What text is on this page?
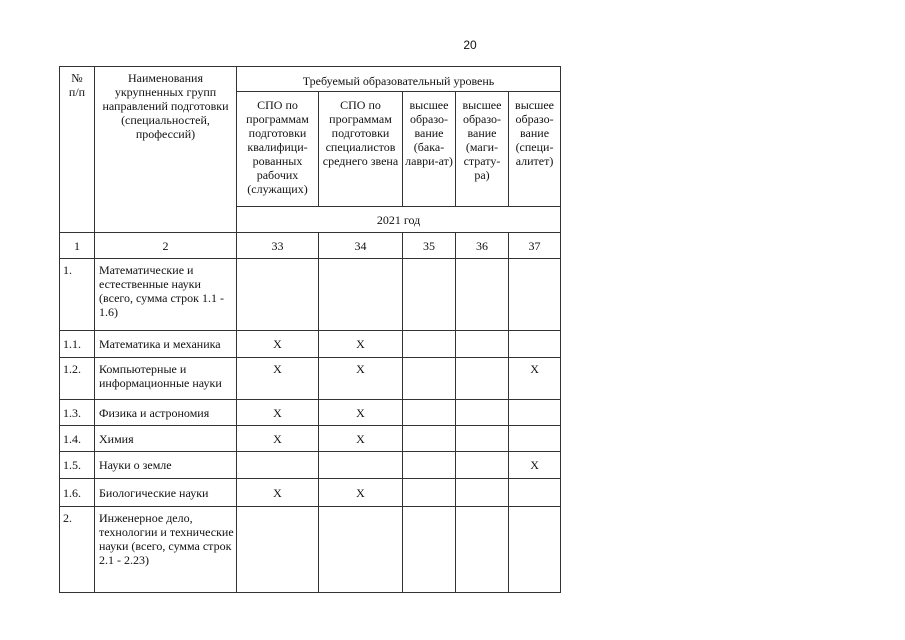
20
№ п/п	Наименования укрупненных групп направлений подготовки (специальностей, профессий)	Требуемый образовательный уровень				
		СПО по программам подготовки квалифици-рованных рабочих (служащих)	СПО по программам подготовки специалистов среднего звена	высшее образо-вание (бака-лаври-ат)	высшее образо-вание (маги-страту-ра)	высшее образо-вание (специ-алитет)
		2021 год				
1	2	33	34	35	36	37
1.	Математические и естественные науки (всего, сумма строк 1.1 - 1.6)					
1.1.	Математика и механика	X	X			
1.2.	Компьютерные и информационные науки	X	X			X
1.3.	Физика и астрономия	X	X			
1.4.	Химия	X	X			
1.5.	Науки о земле					X
1.6.	Биологические науки	X	X			
2.	Инженерное дело, технологии и технические науки (всего, сумма строк 2.1 - 2.23)					
